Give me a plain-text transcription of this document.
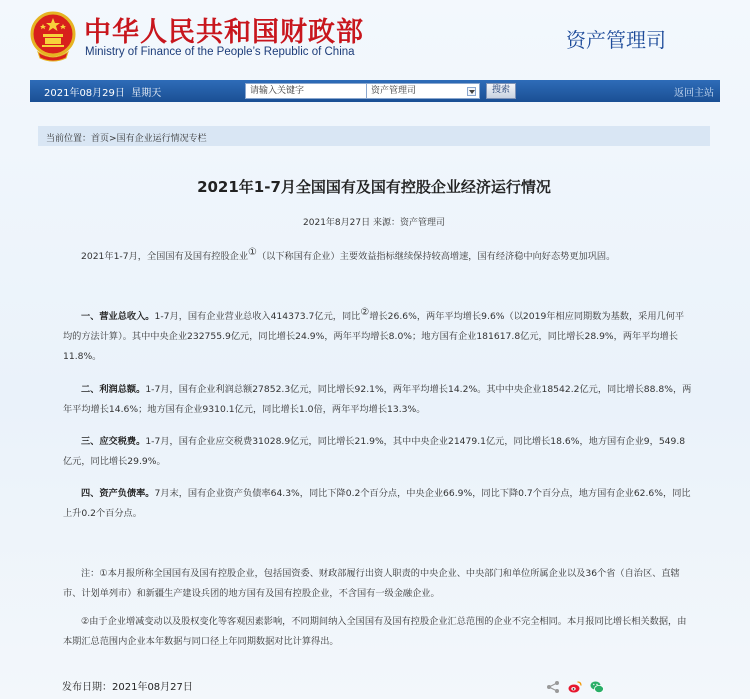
中华人民共和国财政部
Ministry of Finance of the People’s Republic of China	资产管理司
2021年08月29日 星期天	请输入关键字	资产管理司	搜索	返回主站
当前位置：首页>国有企业运行情况专栏
2021年1-7月全国国有及国有控股企业经济运行情况
2021年8月27日 来源：资产管理司
2021年1-7月，全国国有及国有控股企业①（以下称国有企业）主要效益指标继续保持较高增速，国有经济稳中向好态势更加巩固。
一、营业总收入。1-7月，国有企业营业总收入414373.7亿元，同比②增长26.6%，两年平均增长9.6%（以2019年相应同期数为基数，采用几何平均的方法计算）。其中中央企业232755.9亿元，同比增长24.9%，两年平均增长8.0%；地方国有企业181617.8亿元，同比增长28.9%，两年平均增长11.8%。
二、利润总额。1-7月，国有企业利润总额27852.3亿元，同比增长92.1%，两年平均增长14.2%。其中中央企业18542.2亿元，同比增长88.8%，两年平均增长14.6%；地方国有企业9310.1亿元，同比增长1.0倍，两年平均增长13.3%。
三、应交税费。1-7月，国有企业应交税费31028.9亿元，同比增长21.9%，其中中央企业21479.1亿元，同比增长18.6%，地方国有企业9，549.8亿元，同比增长29.9%。
四、资产负债率。7月末，国有企业资产负债率64.3%，同比下降0.2个百分点，中央企业66.9%，同比下降0.7个百分点，地方国有企业62.6%，同比上升0.2个百分点。
注：①本月报所称全国国有及国有控股企业，包括国资委、财政部履行出资人职责的中央企业、中央部门和单位所属企业以及36个省（自治区、直辖市、计划单列市）和新疆生产建设兵团的地方国有及国有控股企业，不含国有一级金融企业。
②由于企业增减变动以及股权变化等客观因素影响，不同期间纳入全国国有及国有控股企业汇总范围的企业不完全相同。本月报同比增长相关数据，由本期汇总范围内企业本年数据与同口径上年同期数据对比计算得出。
发布日期：2021年08月27日
